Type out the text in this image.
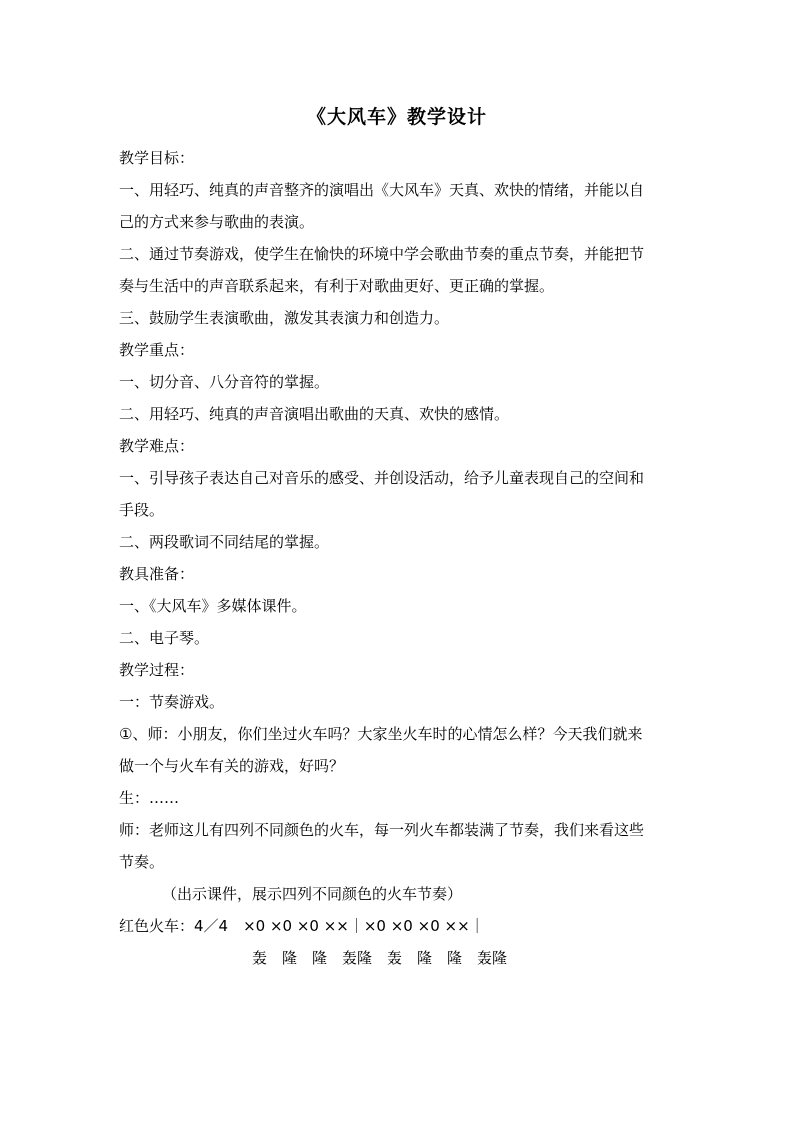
《大风车》教学设计
教学目标：
一、用轻巧、纯真的声音整齐的演唱出《大风车》天真、欢快的情绪，并能以自
己的方式来参与歌曲的表演。
二、通过节奏游戏，使学生在愉快的环境中学会歌曲节奏的重点节奏，并能把节
奏与生活中的声音联系起来，有利于对歌曲更好、更正确的掌握。
三、鼓励学生表演歌曲，激发其表演力和创造力。
教学重点：
一、切分音、八分音符的掌握。
二、用轻巧、纯真的声音演唱出歌曲的天真、欢快的感情。
教学难点：
一、引导孩子表达自己对音乐的感受、并创设活动，给予儿童表现自己的空间和
手段。
二、两段歌词不同结尾的掌握。
教具准备：
一、《大风车》多媒体课件。
二、电子琴。
教学过程：
一：节奏游戏。
①、师：小朋友，你们坐过火车吗？大家坐火车时的心情怎么样？今天我们就来
做一个与火车有关的游戏，好吗？
生：……
师：老师这儿有四列不同颜色的火车，每一列火车都装满了节奏，我们来看这些
节奏。
（出示课件，展示四列不同颜色的火车节奏）
红色火车：4／4　×0 ×0 ×0 ××｜×0 ×0 ×0 ××｜
轰　隆　隆　轰隆　轰　隆　隆　轰隆
